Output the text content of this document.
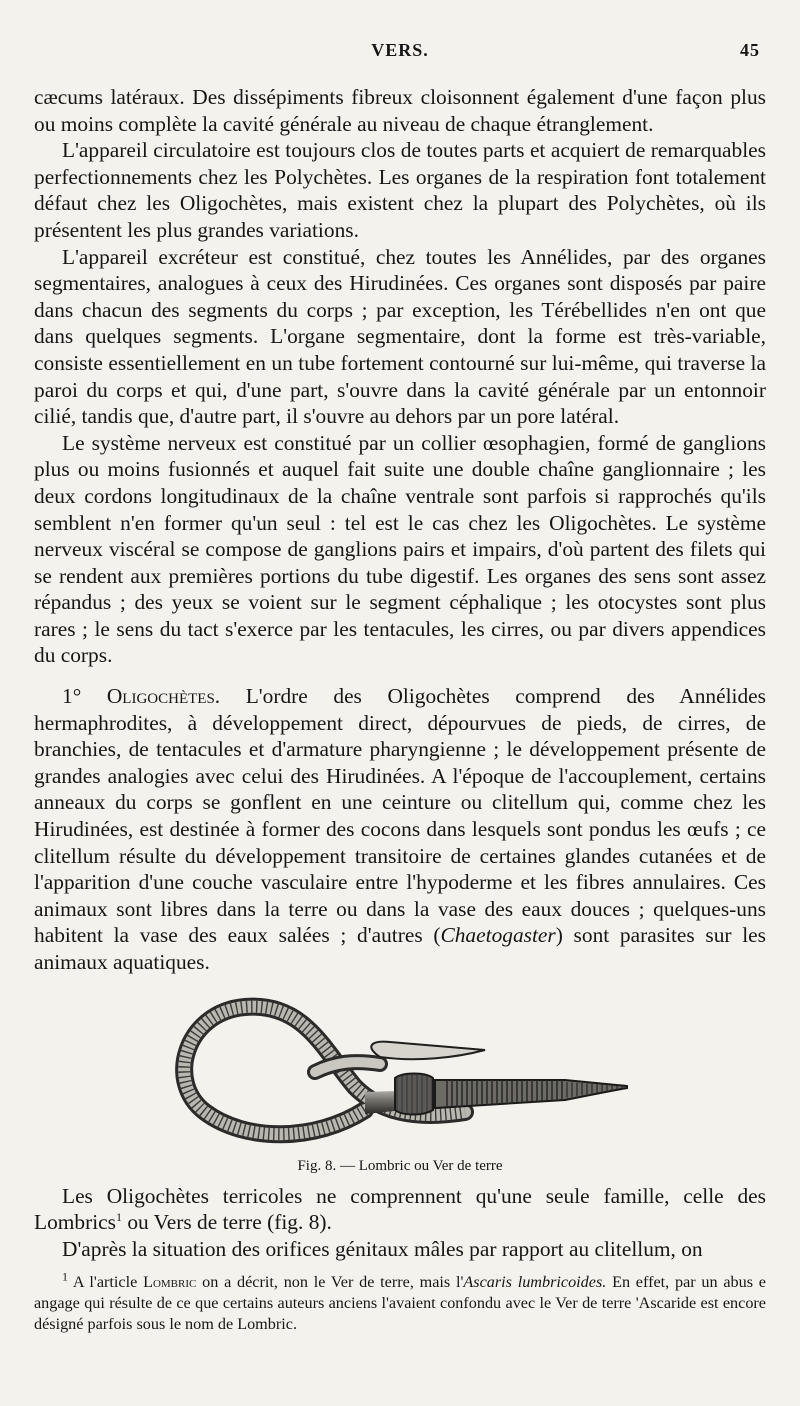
VERS.	45

cæcums latéraux. Des dissépiments fibreux cloisonnent également d'une façon plus ou moins complète la cavité générale au niveau de chaque étranglement.

L'appareil circulatoire est toujours clos de toutes parts et acquiert de remarquables perfectionnements chez les Polychètes. Les organes de la respiration font totalement défaut chez les Oligochètes, mais existent chez la plupart des Polychètes, où ils présentent les plus grandes variations.

L'appareil excréteur est constitué, chez toutes les Annélides, par des organes segmentaires, analogues à ceux des Hirudinées. Ces organes sont disposés par paire dans chacun des segments du corps ; par exception, les Térébellides n'en ont que dans quelques segments. L'organe segmentaire, dont la forme est très-variable, consiste essentiellement en un tube fortement contourné sur lui-même, qui traverse la paroi du corps et qui, d'une part, s'ouvre dans la cavité générale par un entonnoir cilié, tandis que, d'autre part, il s'ouvre au dehors par un pore latéral.

Le système nerveux est constitué par un collier œsophagien, formé de ganglions plus ou moins fusionnés et auquel fait suite une double chaîne ganglionnaire ; les deux cordons longitudinaux de la chaîne ventrale sont parfois si rapprochés qu'ils semblent n'en former qu'un seul : tel est le cas chez les Oligochètes. Le système nerveux viscéral se compose de ganglions pairs et impairs, d'où partent des filets qui se rendent aux premières portions du tube digestif. Les organes des sens sont assez répandus ; des yeux se voient sur le segment céphalique ; les otocystes sont plus rares ; le sens du tact s'exerce par les tentacules, les cirres, ou par divers appendices du corps.

1° Oligochètes. L'ordre des Oligochètes comprend des Annélides hermaphrodites, à développement direct, dépourvues de pieds, de cirres, de branchies, de tentacules et d'armature pharyngienne ; le développement présente de grandes analogies avec celui des Hirudinées. A l'époque de l'accouplement, certains anneaux du corps se gonflent en une ceinture ou clitellum qui, comme chez les Hirudinées, est destinée à former des cocons dans lesquels sont pondus les œufs ; ce clitellum résulte du développement transitoire de certaines glandes cutanées et de l'apparition d'une couche vasculaire entre l'hypoderme et les fibres annulaires. Ces animaux sont libres dans la terre ou dans la vase des eaux douces ; quelques-uns habitent la vase des eaux salées ; d'autres (Chaetogaster) sont parasites sur les animaux aquatiques.

Fig. 8. — Lombric ou Ver de terre

Les Oligochètes terricoles ne comprennent qu'une seule famille, celle des Lombrics$^1$ ou Vers de terre (fig. 8).

D'après la situation des orifices génitaux mâles par rapport au clitellum, on

$^1$ A l'article Lombric on a décrit, non le Ver de terre, mais l'Ascaris lumbricoides. En effet, par un abus e angage qui résulte de ce que certains auteurs anciens l'avaient confondu avec le Ver de terre 'Ascaride est encore désigné parfois sous le nom de Lombric.
